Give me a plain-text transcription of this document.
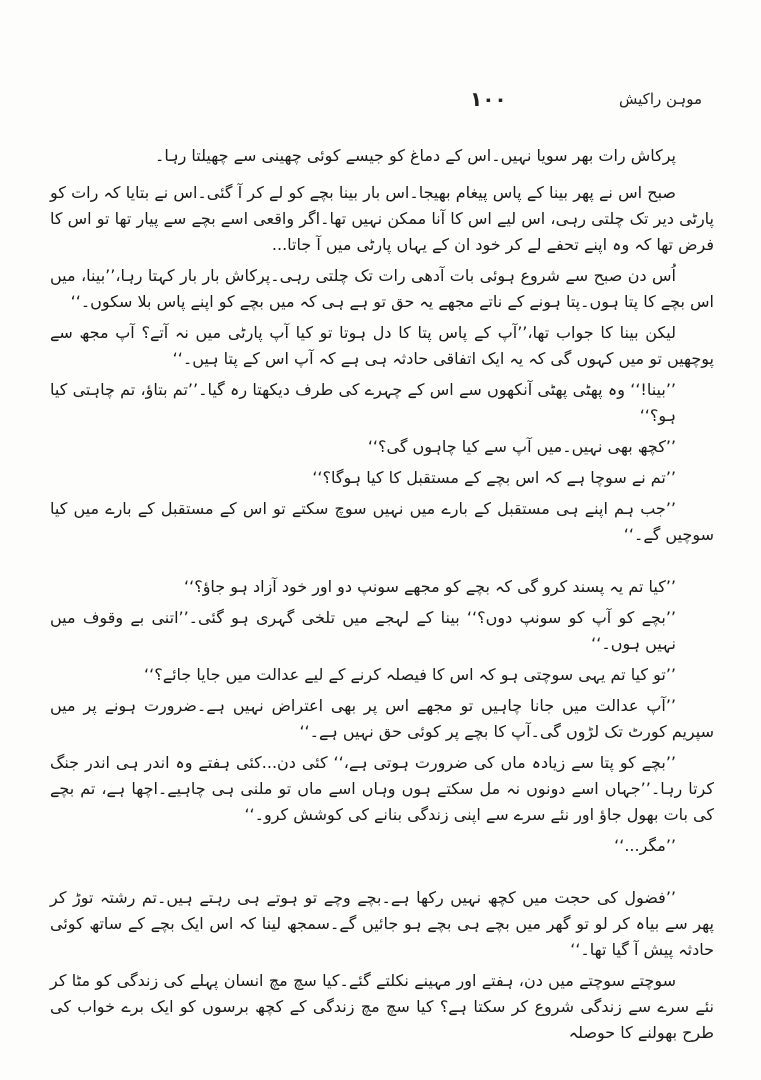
موہن راکیش
۱۰۰

پرکاش رات بھر سویا نہیں۔اس کے دماغ کو جیسے کوئی چھینی سے چھیلتا رہا۔

صبح اس نے پھر بینا کے پاس پیغام بھیجا۔اس بار بینا بچے کو لے کر آ گئی۔اس نے بتایا کہ رات کو پارٹی دیر تک چلتی رہی، اس لیے اس کا آنا ممکن نہیں تھا۔اگر واقعی اسے بچے سے پیار تھا تو اس کا فرض تھا کہ وہ اپنے تحفے لے کر خود ان کے یہاں پارٹی میں آ جاتا...

اُس دن صبح سے شروع ہوئی بات آدھی رات تک چلتی رہی۔پرکاش بار بار کہتا رہا،’’بینا، میں اس بچے کا پتا ہوں۔پتا ہونے کے ناتے مجھے یہ حق تو ہے ہی کہ میں بچے کو اپنے پاس بلا سکوں۔‘‘

لیکن بینا کا جواب تھا،’’آپ کے پاس پتا کا دل ہوتا تو کیا آپ پارٹی میں نہ آتے؟ آپ مجھ سے پوچھیں تو میں کہوں گی کہ یہ ایک اتفاقی حادثہ ہی ہے کہ آپ اس کے پتا ہیں۔‘‘

’’بینا!‘‘ وہ پھٹی پھٹی آنکھوں سے اس کے چہرے کی طرف دیکھتا رہ گیا۔’’تم بتاؤ، تم چاہتی کیا ہو؟‘‘

’’کچھ بھی نہیں۔میں آپ سے کیا چاہوں گی؟‘‘

’’تم نے سوچا ہے کہ اس بچے کے مستقبل کا کیا ہوگا؟‘‘

’’جب ہم اپنے ہی مستقبل کے بارے میں نہیں سوچ سکتے تو اس کے مستقبل کے بارے میں کیا سوچیں گے۔‘‘

’’کیا تم یہ پسند کرو گی کہ بچے کو مجھے سونپ دو اور خود آزاد ہو جاؤ؟‘‘

’’بچے کو آپ کو سونپ دوں؟‘‘ بینا کے لہجے میں تلخی گہری ہو گئی۔’’اتنی بے وقوف میں نہیں ہوں۔‘‘

’’تو کیا تم یہی سوچتی ہو کہ اس کا فیصلہ کرنے کے لیے عدالت میں جایا جائے؟‘‘

’’آپ عدالت میں جانا چاہیں تو مجھے اس پر بھی اعتراض نہیں ہے۔ضرورت ہونے پر میں سپریم کورٹ تک لڑوں گی۔آپ کا بچے پر کوئی حق نہیں ہے۔‘‘

’’بچے کو پتا سے زیادہ ماں کی ضرورت ہوتی ہے،‘‘ کئی دن...کئی ہفتے وہ اندر ہی اندر جنگ کرتا رہا۔’’جہاں اسے دونوں نہ مل سکتے ہوں وہاں اسے ماں تو ملنی ہی چاہیے۔اچھا ہے، تم بچے کی بات بھول جاؤ اور نئے سرے سے اپنی زندگی بنانے کی کوشش کرو۔‘‘

’’مگر...‘‘

’’فضول کی حجت میں کچھ نہیں رکھا ہے۔بچے وچے تو ہوتے ہی رہتے ہیں۔تم رشتہ توڑ کر پھر سے بیاہ کر لو تو گھر میں بچے ہی بچے ہو جائیں گے۔سمجھ لینا کہ اس ایک بچے کے ساتھ کوئی حادثہ پیش آ گیا تھا۔‘‘

سوچتے سوچتے میں دن، ہفتے اور مہینے نکلتے گئے۔کیا سچ مچ انسان پہلے کی زندگی کو مٹا کر نئے سرے سے زندگی شروع کر سکتا ہے؟ کیا سچ مچ زندگی کے کچھ برسوں کو ایک برے خواب کی طرح بھولنے کا حوصلہ
